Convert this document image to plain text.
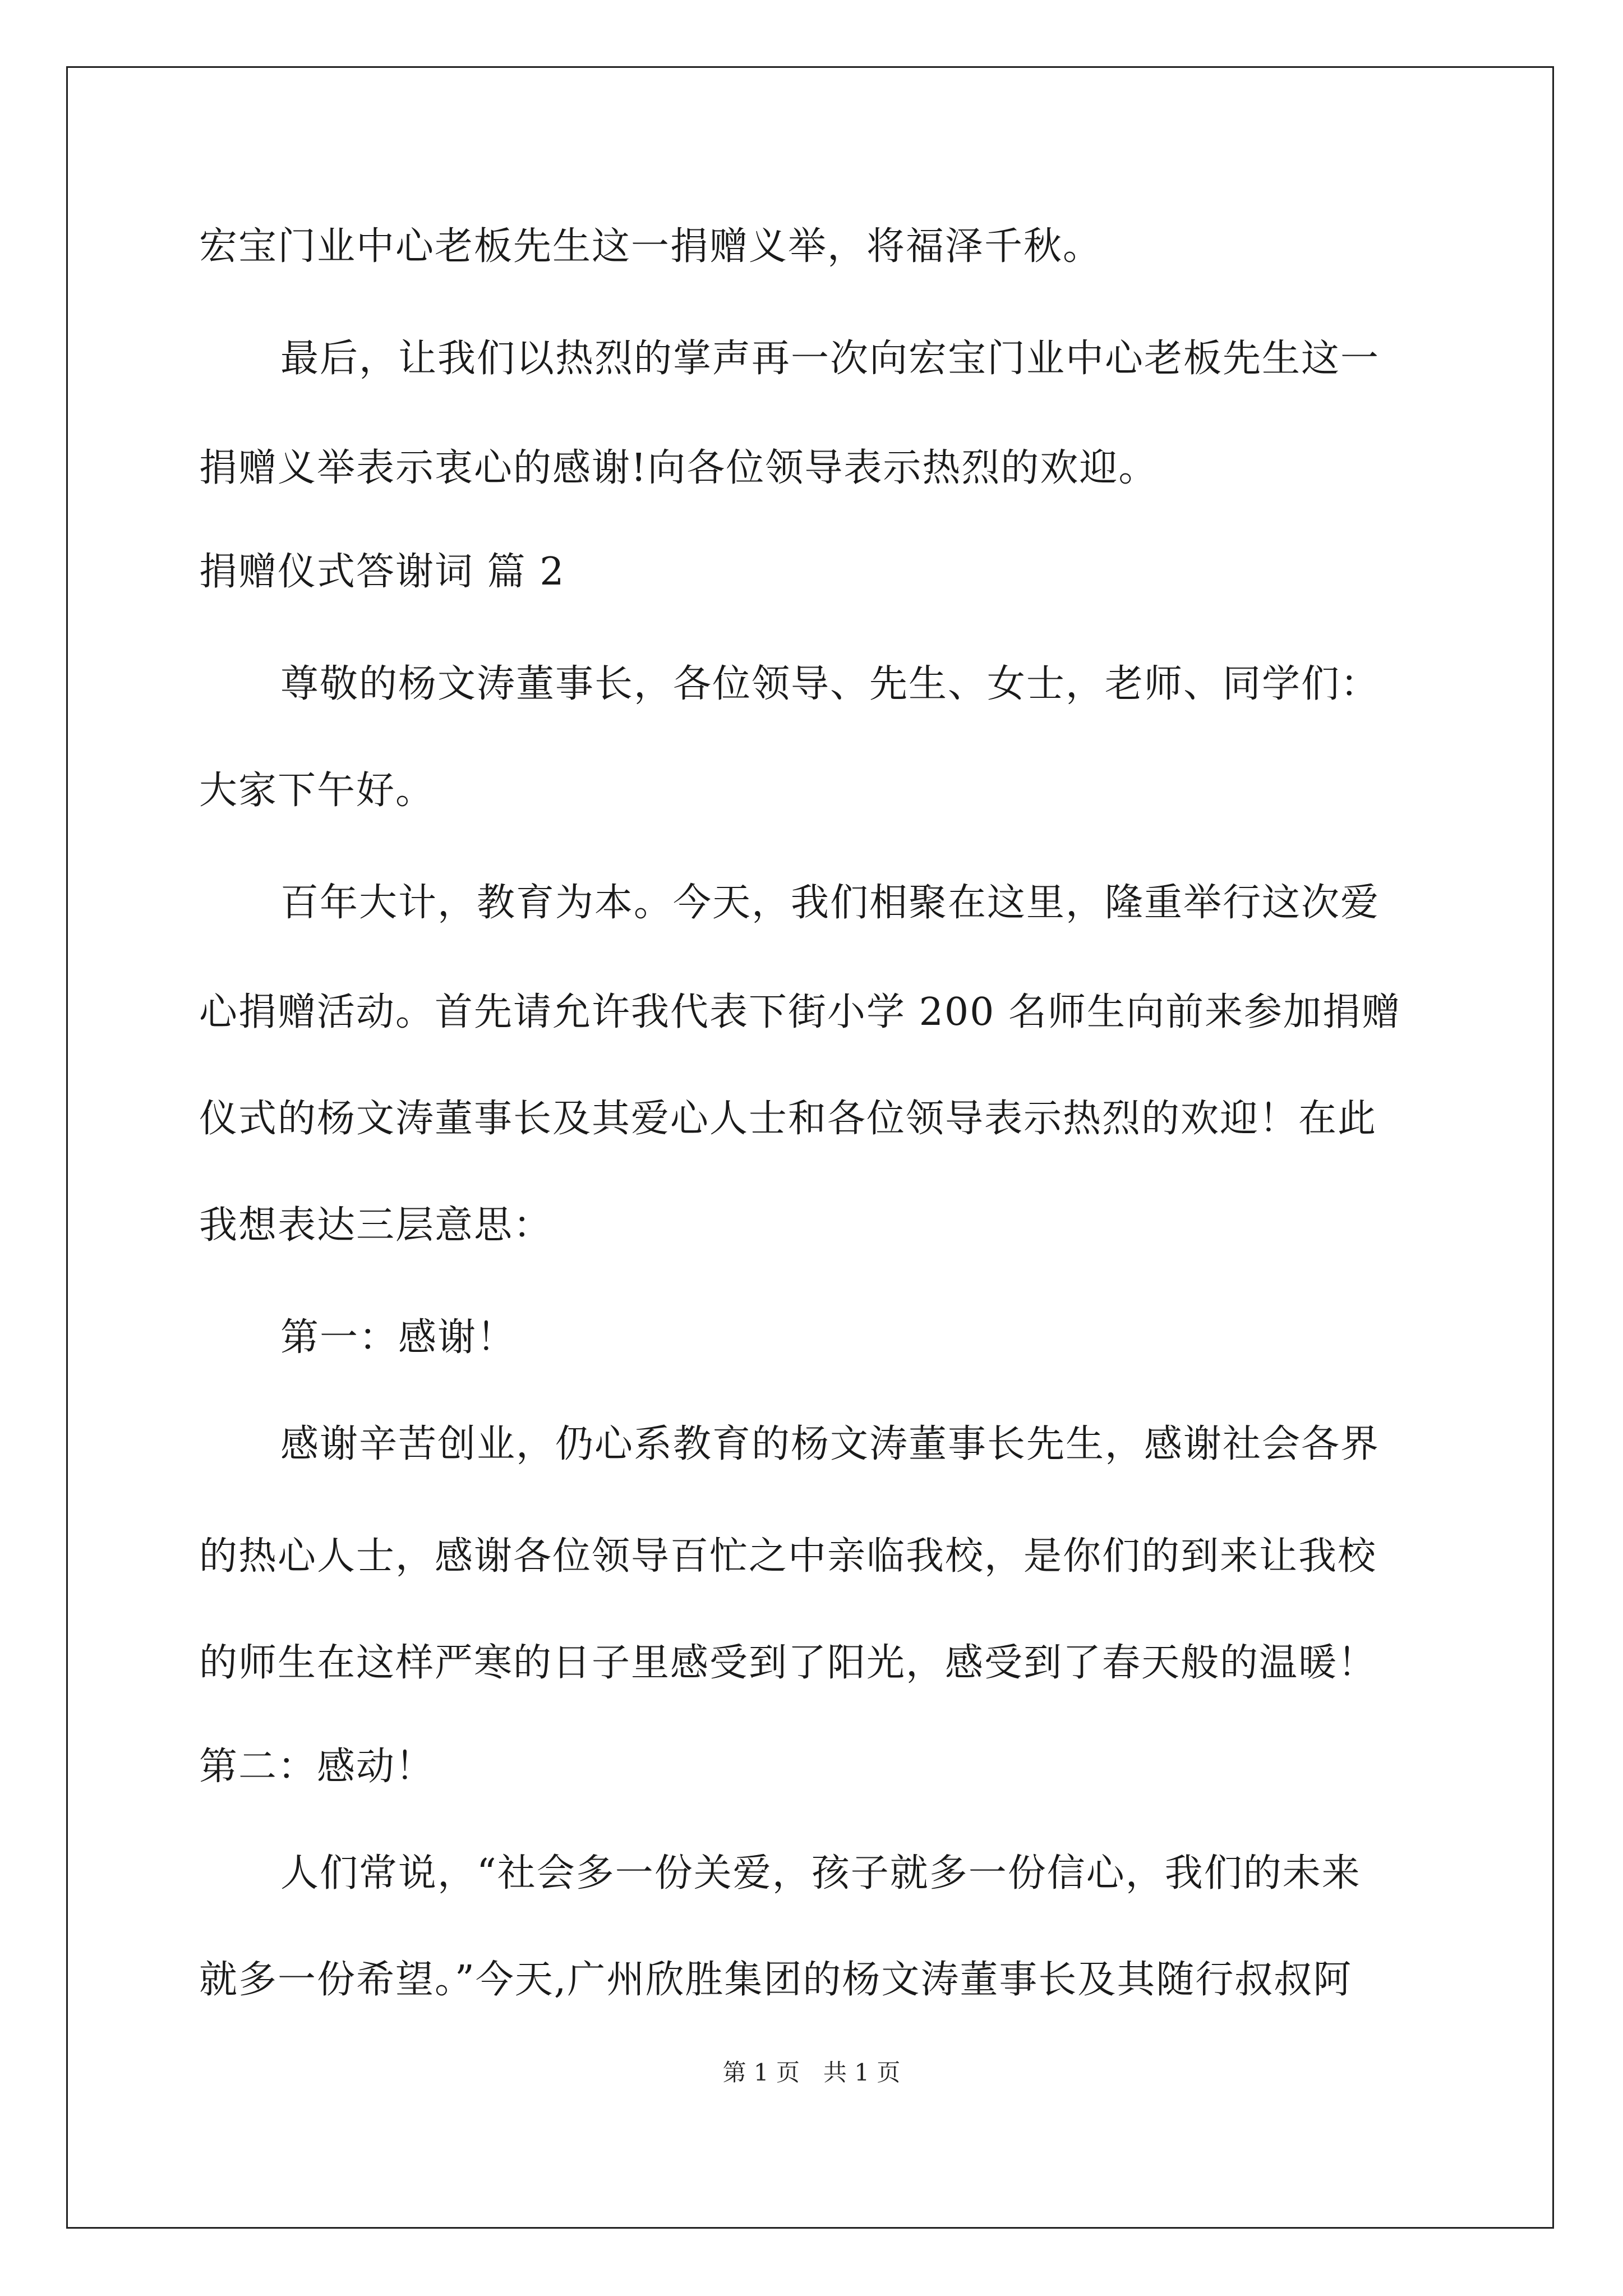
宏宝门业中心老板先生这一捐赠义举，将福泽千秋。
最后，让我们以热烈的掌声再一次向宏宝门业中心老板先生这一
捐赠义举表示衷心的感谢!向各位领导表示热烈的欢迎。
捐赠仪式答谢词 篇 2
尊敬的杨文涛董事长，各位领导、先生、女士，老师、同学们：
大家下午好。
百年大计，教育为本。今天，我们相聚在这里，隆重举行这次爱
心捐赠活动。首先请允许我代表下街小学 200 名师生向前来参加捐赠
仪式的杨文涛董事长及其爱心人士和各位领导表示热烈的欢迎！在此
我想表达三层意思：
第一：感谢！
感谢辛苦创业，仍心系教育的杨文涛董事长先生，感谢社会各界
的热心人士，感谢各位领导百忙之中亲临我校，是你们的到来让我校
的师生在这样严寒的日子里感受到了阳光，感受到了春天般的温暖！
第二：感动！
人们常说，“社会多一份关爱，孩子就多一份信心，我们的未来
就多一份希望。”今天,广州欣胜集团的杨文涛董事长及其随行叔叔阿
第 1 页　共 1 页
